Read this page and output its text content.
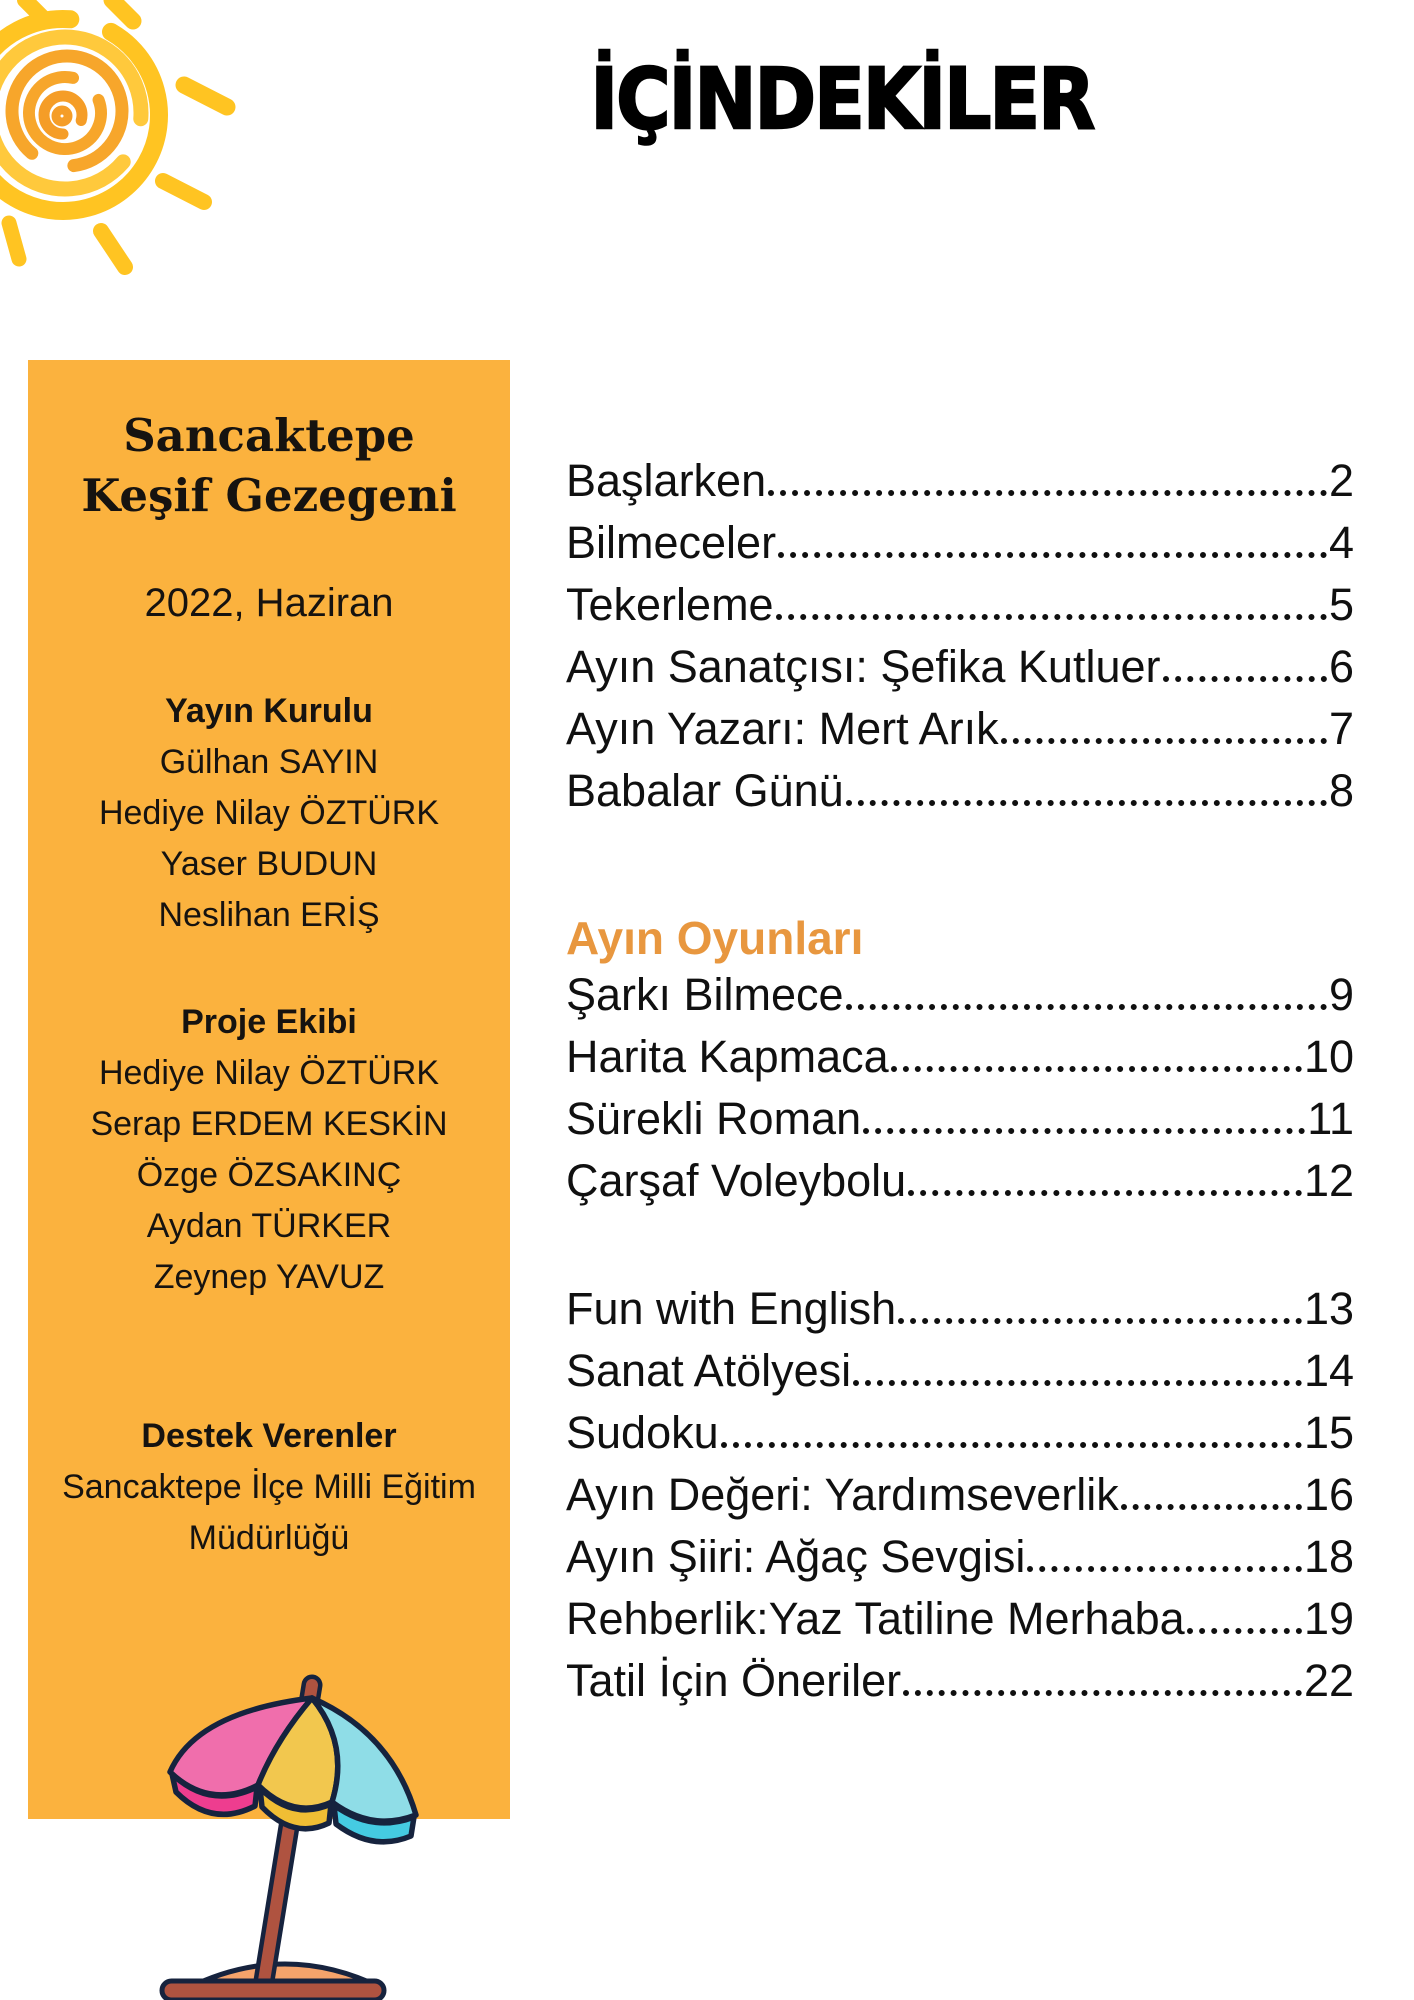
İÇİNDEKİLER
Sancaktepe
Keşif Gezegeni
2022, Haziran
Yayın Kurulu
Gülhan SAYIN
Hediye Nilay ÖZTÜRK
Yaser BUDUN
Neslihan ERİŞ
Proje Ekibi
Hediye Nilay ÖZTÜRK
Serap ERDEM KESKİN
Özge ÖZSAKINÇ
Aydan TÜRKER
Zeynep YAVUZ
Destek Verenler
Sancaktepe İlçe Milli Eğitim Müdürlüğü
Başlarken	2
Bilmeceler	4
Tekerleme	5
Ayın Sanatçısı: Şefika Kutluer	6
Ayın Yazarı: Mert Arık	7
Babalar Günü	8
Ayın Oyunları
Şarkı Bilmece	9
Harita Kapmaca	10
Sürekli Roman	11
Çarşaf Voleybolu	12
Fun with English	13
Sanat Atölyesi	14
Sudoku	15
Ayın Değeri: Yardımseverlik	16
Ayın Şiiri: Ağaç Sevgisi	18
Rehberlik:Yaz Tatiline Merhaba	19
Tatil İçin Öneriler	22
